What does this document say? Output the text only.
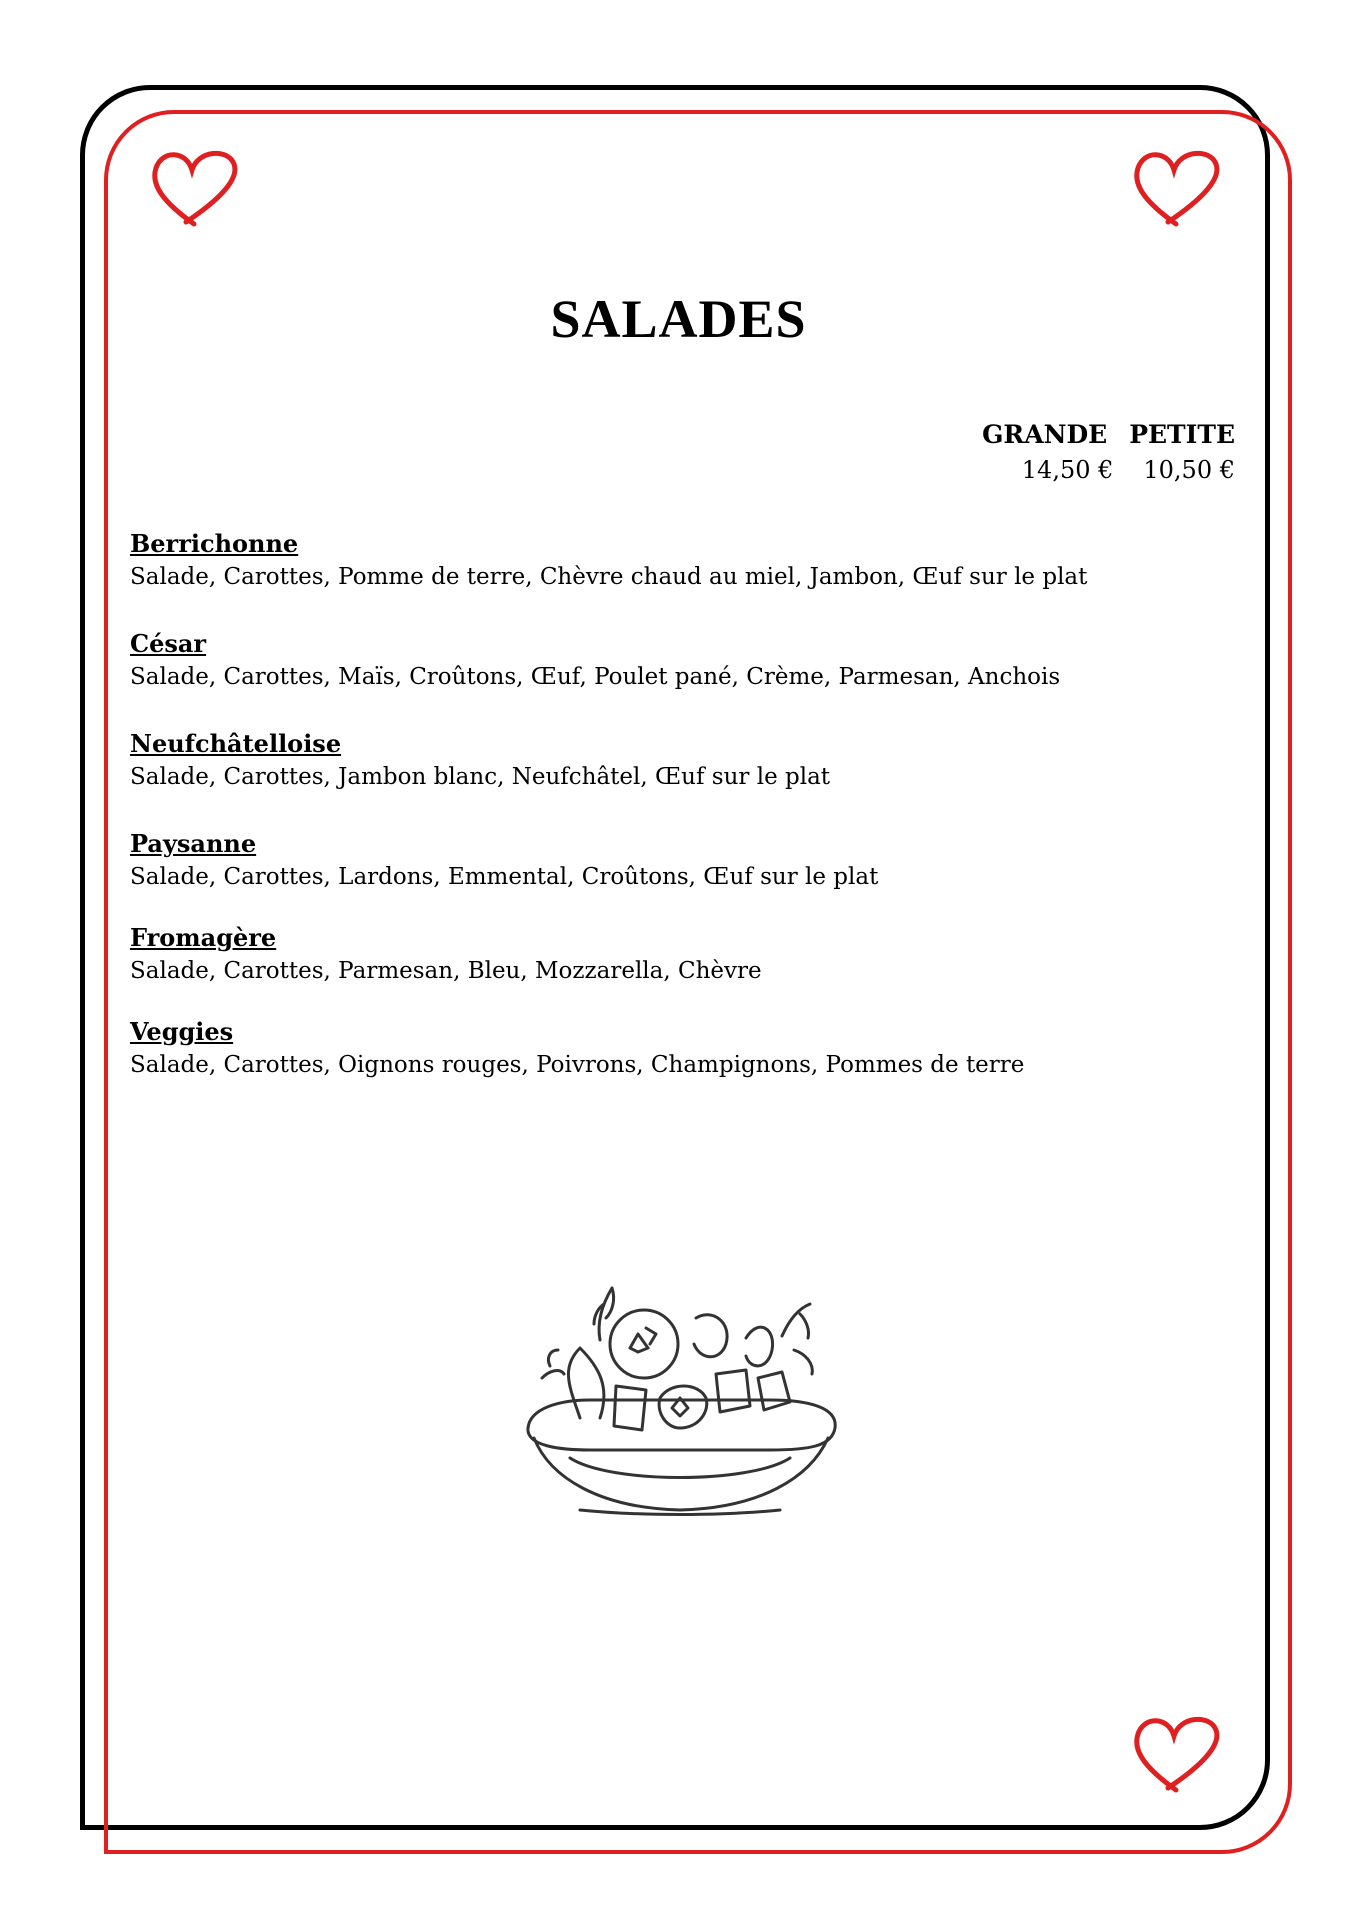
SALADES
GRANDE PETITE
14,50 € 10,50 €
Berrichonne
Salade, Carottes, Pomme de terre, Chèvre chaud au miel, Jambon, Œuf sur le plat
César
Salade, Carottes, Maïs, Croûtons, Œuf, Poulet pané, Crème, Parmesan, Anchois
Neufchâtelloise
Salade, Carottes, Jambon blanc, Neufchâtel, Œuf sur le plat
Paysanne
Salade, Carottes, Lardons, Emmental, Croûtons, Œuf sur le plat
Fromagère
Salade, Carottes, Parmesan, Bleu, Mozzarella, Chèvre
Veggies
Salade, Carottes, Oignons rouges, Poivrons, Champignons, Pommes de terre
